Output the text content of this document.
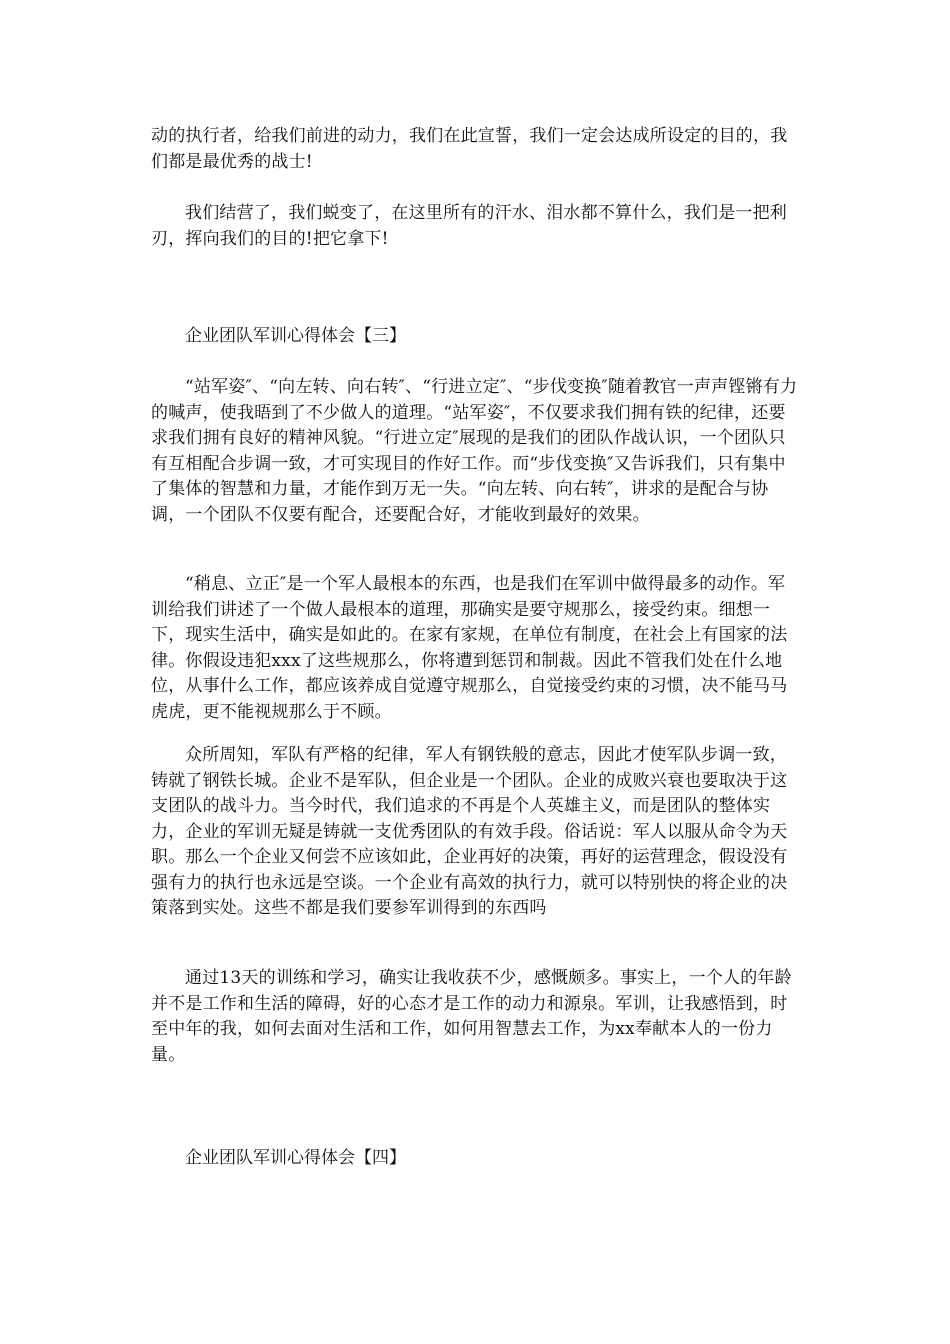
动的执行者，给我们前进的动力，我们在此宣誓，我们一定会达成所设定的目的，我们都是最优秀的战士!

我们结营了，我们蜕变了，在这里所有的汗水、泪水都不算什么，我们是一把利刃，挥向我们的目的!把它拿下!

企业团队军训心得体会【三】

“站军姿″、“向左转、向右转″、“行进立定″、“步伐变换″随着教官一声声铿锵有力的喊声，使我晤到了不少做人的道理。“站军姿″，不仅要求我们拥有铁的纪律，还要求我们拥有良好的精神风貌。“行进立定″展现的是我们的团队作战认识，一个团队只有互相配合步调一致，才可实现目的作好工作。而“步伐变换″又告诉我们，只有集中了集体的智慧和力量，才能作到万无一失。“向左转、向右转″，讲求的是配合与协调，一个团队不仅要有配合，还要配合好，才能收到最好的效果。

“稍息、立正″是一个军人最根本的东西，也是我们在军训中做得最多的动作。军训给我们讲述了一个做人最根本的道理，那确实是要守规那么，接受约束。细想一下，现实生活中，确实是如此的。在家有家规，在单位有制度，在社会上有国家的法律。你假设违犯xxx了这些规那么，你将遭到惩罚和制裁。因此不管我们处在什么地位，从事什么工作，都应该养成自觉遵守规那么，自觉接受约束的习惯，决不能马马虎虎，更不能视规那么于不顾。

众所周知，军队有严格的纪律，军人有钢铁般的意志，因此才使军队步调一致，铸就了钢铁长城。企业不是军队，但企业是一个团队。企业的成败兴衰也要取决于这支团队的战斗力。当今时代，我们追求的不再是个人英雄主义，而是团队的整体实力，企业的军训无疑是铸就一支优秀团队的有效手段。俗话说：军人以服从命令为天职。那么一个企业又何尝不应该如此，企业再好的决策，再好的运营理念，假设没有强有力的执行也永远是空谈。一个企业有高效的执行力，就可以特别快的将企业的决策落到实处。这些不都是我们要参军训得到的东西吗

通过13天的训练和学习，确实让我收获不少，感慨颇多。事实上，一个人的年龄并不是工作和生活的障碍，好的心态才是工作的动力和源泉。军训，让我感悟到，时至中年的我，如何去面对生活和工作，如何用智慧去工作，为xx奉献本人的一份力量。

企业团队军训心得体会【四】
